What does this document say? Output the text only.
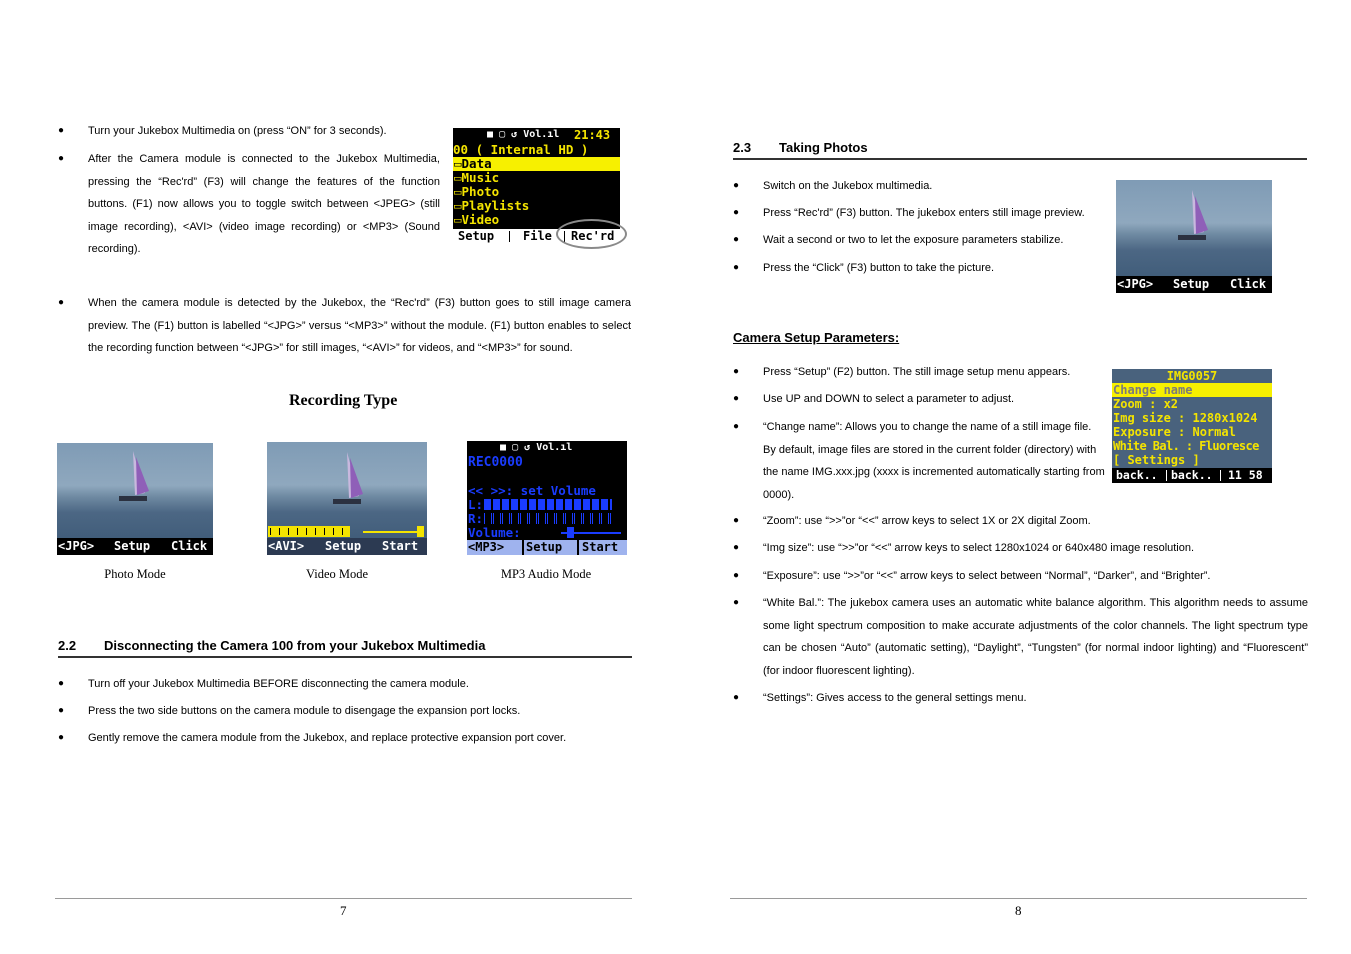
● Turn your Jukebox Multimedia on (press “ON” for 3 seconds).
● After the Camera module is connected to the Jukebox Multimedia, pressing the “Rec'rd” (F3) will change the features of the function buttons. (F1) now allows you to toggle switch between <JPEG> (still image recording), <AVI> (video image recording) or <MP3> (Sound recording).
■ ▢ ↺ Vol.ıl 21:43
00 ( Internal HD )
▭Data
▭Music
▭Photo
▭Playlists
▭Video
Setup File Rec'rd
● When the camera module is detected by the Jukebox, the “Rec'rd” (F3) button goes to still image camera preview. The (F1) button is labelled “<JPG>” versus “<MP3>” without the module. (F1) button enables to select the recording function between “<JPG>” for still images, “<AVI>” for videos, and “<MP3>” for sound.
Recording Type
<JPG> Setup Click
Photo Mode
<AVI> Setup Start
Video Mode
■ ▢ ↺ Vol.ıl
REC0000
<< >>: set Volume
L:
R:
Volume:
<MP3> Setup Start
MP3 Audio Mode
2.2 Disconnecting the Camera 100 from your Jukebox Multimedia
● Turn off your Jukebox Multimedia BEFORE disconnecting the camera module.
● Press the two side buttons on the camera module to disengage the expansion port locks.
● Gently remove the camera module from the Jukebox, and replace protective expansion port cover.
7
2.3 Taking Photos
● Switch on the Jukebox multimedia.
● Press “Rec'rd” (F3) button. The jukebox enters still image preview.
● Wait a second or two to let the exposure parameters stabilize.
● Press the “Click” (F3) button to take the picture.
<JPG> Setup Click
Camera Setup Parameters:
● Press “Setup” (F2) button. The still image setup menu appears.
● Use UP and DOWN to select a parameter to adjust.
● “Change name”: Allows you to change the name of a still image file. By default, image files are stored in the current folder (directory) with the name IMG.xxx.jpg (xxxx is incremented automatically starting from 0000).
IMG0057
Change name
Zoom : x2
Img size : 1280x1024
Exposure : Normal
White Bal. : Fluoresce
[ Settings ]
back.. back.. 11 58
● “Zoom”: use “>>”or “<<” arrow keys to select 1X or 2X digital Zoom.
● “Img size”: use “>>”or “<<” arrow keys to select 1280x1024 or 640x480 image resolution.
● “Exposure”: use “>>”or “<<” arrow keys to select between “Normal”, “Darker”, and “Brighter”.
● “White Bal.”: The jukebox camera uses an automatic white balance algorithm. This algorithm needs to assume some light spectrum composition to make accurate adjustments of the color channels. The light spectrum type can be chosen “Auto” (automatic setting), “Daylight”, “Tungsten” (for normal indoor lighting) and “Fluorescent” (for indoor fluorescent lighting).
● “Settings”: Gives access to the general settings menu.
8
